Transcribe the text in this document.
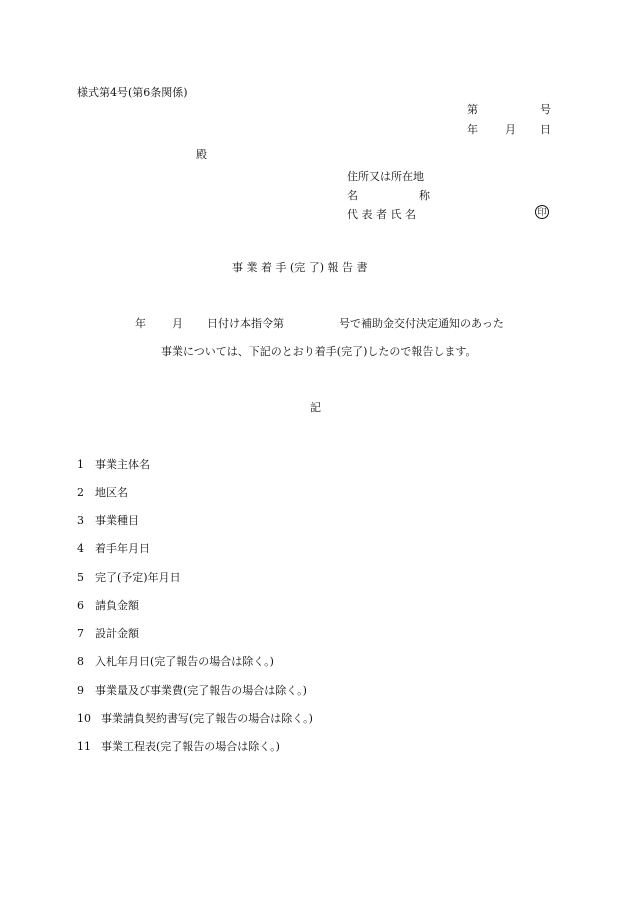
様式第4号(第6条関係)
第	号
年 月 日
殿
住所又は所在地
名	称
代 表 者 氏 名	印
事 業 着 手 (完 了) 報 告 書
年 月 日付け本指令第	号で補助金交付決定通知のあった
事業については、下記のとおり着手(完了)したので報告します。
記
1 事業主体名
2 地区名
3 事業種目
4 着手年月日
5 完了(予定)年月日
6 請負金額
7 設計金額
8 入札年月日(完了報告の場合は除く。)
9 事業量及び事業費(完了報告の場合は除く。)
10 事業請負契約書写(完了報告の場合は除く。)
11 事業工程表(完了報告の場合は除く。)
